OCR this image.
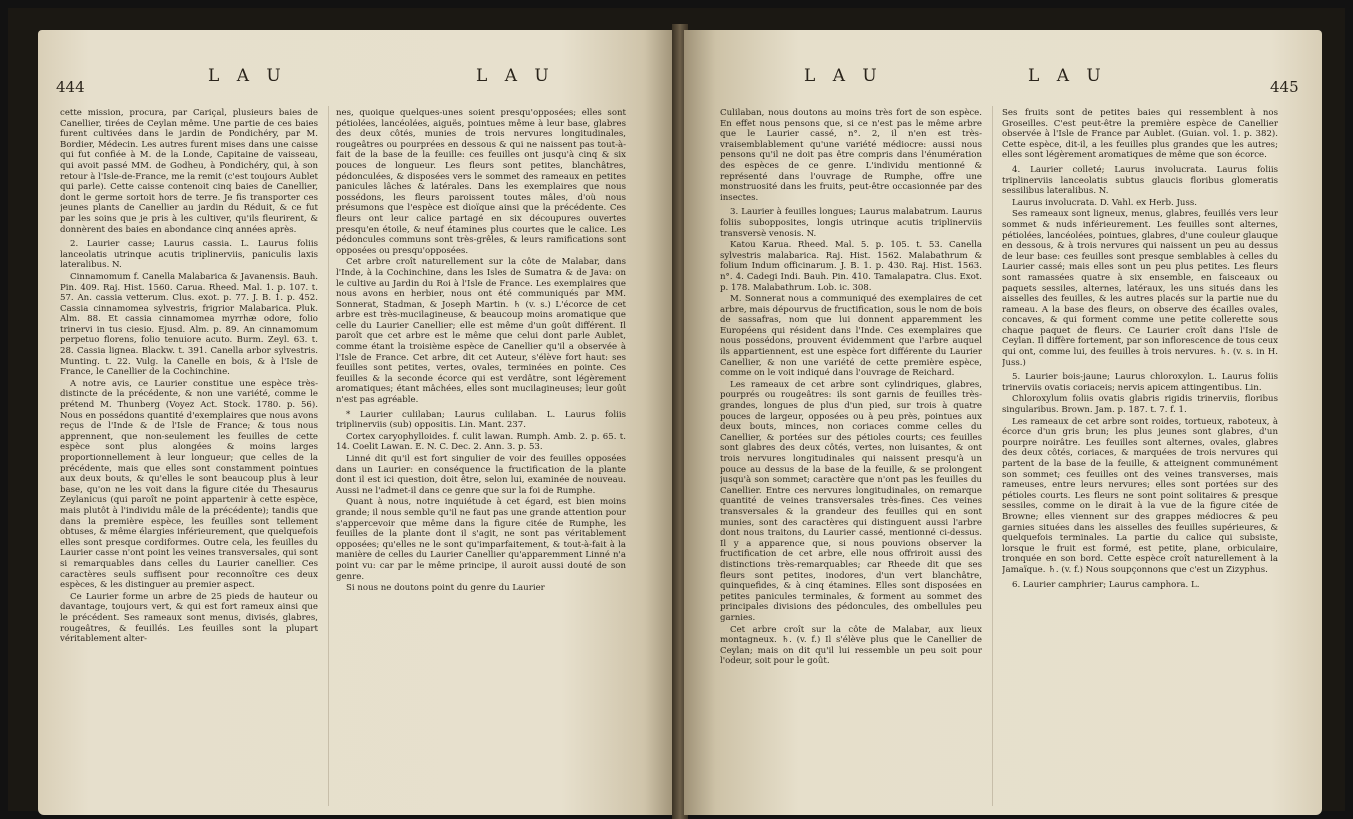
444
L A U	L A U

cette mission, procura, par Cariçal, plusieurs baies de Canellier, tirées de Ceylan même. Une partie de ces baies furent cultivées dans le jardin de Pondichéry, par M. Bordier, Médecin. Les autres furent mises dans une caisse qui fut confiée à M. de la Londe, Capitaine de vaisseau, qui avoit passé MM. de Godheu, à Pondichéry, qui, à son retour à l'Isle-de-France, me la remit (c'est toujours Aublet qui parle). Cette caisse contenoit cinq baies de Canellier, dont le germe sortoit hors de terre. Je fis transporter ces jeunes plants de Canellier au jardin du Réduit, & ce fut par les soins que je pris à les cultiver, qu'ils fleurirent, & donnèrent des baies en abondance cinq années après.

2. Laurier casse; Laurus cassia. L. Laurus foliis lanceolatis utrinque acutis triplinerviis, paniculis laxis lateralibus. N.

Cinnamomum f. Canella Malabarica & Javanensis. Bauh. Pin. 409. Raj. Hist. 1560. Carua. Rheed. Mal. 1. p. 107. t. 57. An. cassia vetterum. Clus. exot. p. 77. J. B. 1. p. 452. Cassia cinnamomea sylvestris, frigrior Malabarica. Pluk. Alm. 88. Et cassia cinnamomea myrrhæ odore, folio trinervi in tus ciesio. Ejusd. Alm. p. 89. An cinnamomum perpetuo florens, folio tenuiore acuto. Burm. Zeyl. 63. t. 28. Cassia lignea. Blackw. t. 391. Canella arbor sylvestris. Munting. t. 22. Vulg. la Canelle en bois, & à l'Isle de France, le Canellier de la Cochinchine.

A notre avis, ce Laurier constitue une espèce très-distincte de la précédente, & non une variété, comme le prétend M. Thunberg (Voyez Act. Stock. 1780. p. 56). Nous en possédons quantité d'exemplaires que nous avons reçus de l'Inde & de l'Isle de France; & tous nous apprennent, que non-seulement les feuilles de cette espèce sont plus alongées & moins larges proportionnellement à leur longueur; que celles de la précédente, mais que elles sont constamment pointues aux deux bouts, & qu'elles le sont beaucoup plus à leur base, qu'on ne les voit dans la figure citée du Thesaurus Zeylanicus (qui paroît ne point appartenir à cette espèce, mais plutôt à l'individu mâle de la précédente); tandis que dans la première espèce, les feuilles sont tellement obtuses, & même élargies inférieurement, que quelquefois elles sont presque cordiformes. Outre cela, les feuilles du Laurier casse n'ont point les veines transversales, qui sont si remarquables dans celles du Laurier canellier. Ces caractères seuls suffisent pour reconnoître ces deux espèces, & les distinguer au premier aspect.

Ce Laurier forme un arbre de 25 pieds de hauteur ou davantage, toujours vert, & qui est fort rameux ainsi que le précédent. Ses rameaux sont menus, divisés, glabres, rougeâtres, & feuillés. Les feuilles sont la plupart véritablement alter-

nes, quoique quelques-unes soient presqu'opposées; elles sont pétiolées, lancéolées, aiguës, pointues même à leur base, glabres des deux côtés, munies de trois nervures longitudinales, rougeâtres ou pourprées en dessous & qui ne naissent pas tout-à-fait de la base de la feuille: ces feuilles ont jusqu'à cinq & six pouces de longueur. Les fleurs sont petites, blanchâtres, pédonculées, & disposées vers le sommet des rameaux en petites panicules lâches & latérales. Dans les exemplaires que nous possédons, les fleurs paroissent toutes mâles, d'où nous présumons que l'espèce est dioïque ainsi que la précédente. Ces fleurs ont leur calice partagé en six découpures ouvertes presqu'en étoile, & neuf étamines plus courtes que le calice. Les pédoncules communs sont très-grêles, & leurs ramifications sont opposées ou presqu'opposées.

Cet arbre croît naturellement sur la côte de Malabar, dans l'Inde, à la Cochinchine, dans les Isles de Sumatra & de Java: on le cultive au Jardin du Roi à l'Isle de France. Les exemplaires que nous avons en herbier, nous ont été communiqués par MM. Sonnerat, Stadman, & Joseph Martin. ♄ (v. s.) L'écorce de cet arbre est très-mucilagineuse, & beaucoup moins aromatique que celle du Laurier Canellier; elle est même d'un goût différent. Il paroît que cet arbre est le même que celui dont parle Aublet, comme étant la troisième espèce de Canellier qu'il a observée à l'Isle de France. Cet arbre, dit cet Auteur, s'élève fort haut: ses feuilles sont petites, vertes, ovales, terminées en pointe. Ces feuilles & la seconde écorce qui est verdâtre, sont légèrement aromatiques; étant mâchées, elles sont mucilagineuses; leur goût n'est pas agréable.

* Laurier culilaban; Laurus culilaban. L. Laurus foliis triplinerviis (sub) oppositis. Lin. Mant. 237.

Cortex caryophylloides. f. culit lawan. Rumph. Amb. 2. p. 65. t. 14. Coelit Lawan. E. N. C. Dec. 2. Ann. 3. p. 53.

Linné dit qu'il est fort singulier de voir des feuilles opposées dans un Laurier: en conséquence la fructification de la plante dont il est ici question, doit être, selon lui, examinée de nouveau. Aussi ne l'admet-il dans ce genre que sur la foi de Rumphe.

Quant à nous, notre inquiétude à cet égard, est bien moins grande; il nous semble qu'il ne faut pas une grande attention pour s'appercevoir que même dans la figure citée de Rumphe, les feuilles de la plante dont il s'agit, ne sont pas véritablement opposées; qu'elles ne le sont qu'imparfaitement, & tout-à-fait à la manière de celles du Laurier Canellier qu'apparemment Linné n'a point vu: car par le même principe, il auroit aussi douté de son genre.

Si nous ne doutons point du genre du Laurier

L A U	L A U
445

Culilaban, nous doutons au moins très fort de son espèce. En effet nous pensons que, si ce n'est pas le même arbre que le Laurier cassé, n°. 2, il n'en est très-vraisemblablement qu'une variété médiocre: aussi nous pensons qu'il ne doit pas être compris dans l'énumération des espèces de ce genre. L'individu mentionné & représenté dans l'ouvrage de Rumphe, offre une monstruosité dans les fruits, peut-être occasionnée par des insectes.

3. Laurier à feuilles longues; Laurus malabatrum. Laurus foliis subopposites, longis utrinque acutis triplinerviis transversè venosis. N.

Katou Karua. Rheed. Mal. 5. p. 105. t. 53. Canella sylvestris malabarica. Raj. Hist. 1562. Malabathrum & folium Indum officinarum. J. B. 1. p. 430. Raj. Hist. 1563. n°. 4. Cadegi Indi. Bauh. Pin. 410. Tamalapatra. Clus. Exot. p. 178. Malabathrum. Lob. ic. 308.

M. Sonnerat nous a communiqué des exemplaires de cet arbre, mais dépourvus de fructification, sous le nom de bois de sassafras, nom que lui donnent apparemment les Européens qui résident dans l'Inde. Ces exemplaires que nous possédons, prouvent évidemment que l'arbre auquel ils appartiennent, est une espèce fort différente du Laurier Canellier, & non une variété de cette première espèce, comme on le voit indiqué dans l'ouvrage de Reichard.

Les rameaux de cet arbre sont cylindriques, glabres, pourprés ou rougeâtres: ils sont garnis de feuilles très-grandes, longues de plus d'un pied, sur trois à quatre pouces de largeur, opposées ou à peu près, pointues aux deux bouts, minces, non coriaces comme celles du Canellier, & portées sur des pétioles courts; ces feuilles sont glabres des deux côtés, vertes, non luisantes, & ont trois nervures longitudinales qui naissent presqu'à un pouce au dessus de la base de la feuille, & se prolongent jusqu'à son sommet; caractère que n'ont pas les feuilles du Canellier. Entre ces nervures longitudinales, on remarque quantité de veines transversales très-fines. Ces veines transversales & la grandeur des feuilles qui en sont munies, sont des caractères qui distinguent aussi l'arbre dont nous traitons, du Laurier cassé, mentionné ci-dessus. Il y a apparence que, si nous pouvions observer la fructification de cet arbre, elle nous offriroit aussi des distinctions très-remarquables; car Rheede dit que ses fleurs sont petites, inodores, d'un vert blanchâtre, quinquefides, & à cinq étamines. Elles sont disposées en petites panicules terminales, & forment au sommet des principales divisions des pédoncules, des ombellules peu garnies.

Cet arbre croît sur la côte de Malabar, aux lieux montagneux. ♄. (v. f.) Il s'élève plus que le Canellier de Ceylan; mais on dit qu'il lui ressemble un peu soit pour l'odeur, soit pour le goût.

Ses fruits sont de petites baies qui ressemblent à nos Groseilles. C'est peut-être la première espèce de Canellier observée à l'Isle de France par Aublet. (Guian. vol. 1. p. 382). Cette espèce, dit-il, a les feuilles plus grandes que les autres; elles sont légèrement aromatiques de même que son écorce.

4. Laurier colleté; Laurus involucrata. Laurus foliis triplinerviis lanceolatis subtus glaucis floribus glomeratis sessilibus lateralibus. N.

Laurus involucrata. D. Vahl. ex Herb. Juss.

Ses rameaux sont ligneux, menus, glabres, feuillés vers leur sommet & nuds inférieurement. Les feuilles sont alternes, pétiolées, lancéolées, pointues, glabres, d'une couleur glauque en dessous, & à trois nervures qui naissent un peu au dessus de leur base: ces feuilles sont presque semblables à celles du Laurier cassé; mais elles sont un peu plus petites. Les fleurs sont ramassées quatre à six ensemble, en faisceaux ou paquets sessiles, alternes, latéraux, les uns situés dans les aisselles des feuilles, & les autres placés sur la partie nue du rameau. A la base des fleurs, on observe des écailles ovales, concaves, & qui forment comme une petite collerette sous chaque paquet de fleurs. Ce Laurier croît dans l'Isle de Ceylan. Il diffère fortement, par son inflorescence de tous ceux qui ont, comme lui, des feuilles à trois nervures. ♄. (v. s. in H. Juss.)

5. Laurier bois-jaune; Laurus chloroxylon. L. Laurus foliis trinerviis ovatis coriaceis; nervis apicem attingentibus. Lin.

Chloroxylum foliis ovatis glabris rigidis trinerviis, floribus singularibus. Brown. Jam. p. 187. t. 7. f. 1.

Les rameaux de cet arbre sont roides, tortueux, raboteux, à écorce d'un gris brun; les plus jeunes sont glabres, d'un pourpre noirâtre. Les feuilles sont alternes, ovales, glabres des deux côtés, coriaces, & marquées de trois nervures qui partent de la base de la feuille, & atteignent communément son sommet; ces feuilles ont des veines transverses, mais rameuses, entre leurs nervures; elles sont portées sur des pétioles courts. Les fleurs ne sont point solitaires & presque sessiles, comme on le dirait à la vue de la figure citée de Browne; elles viennent sur des grappes médiocres & peu garnies situées dans les aisselles des feuilles supérieures, & quelquefois terminales. La partie du calice qui subsiste, lorsque le fruit est formé, est petite, plane, orbiculaire, tronquée en son bord. Cette espèce croît naturellement à la Jamaïque. ♄. (v. f.) Nous soupçonnons que c'est un Zizyphus.

6. Laurier camphrier; Laurus camphora. L.
